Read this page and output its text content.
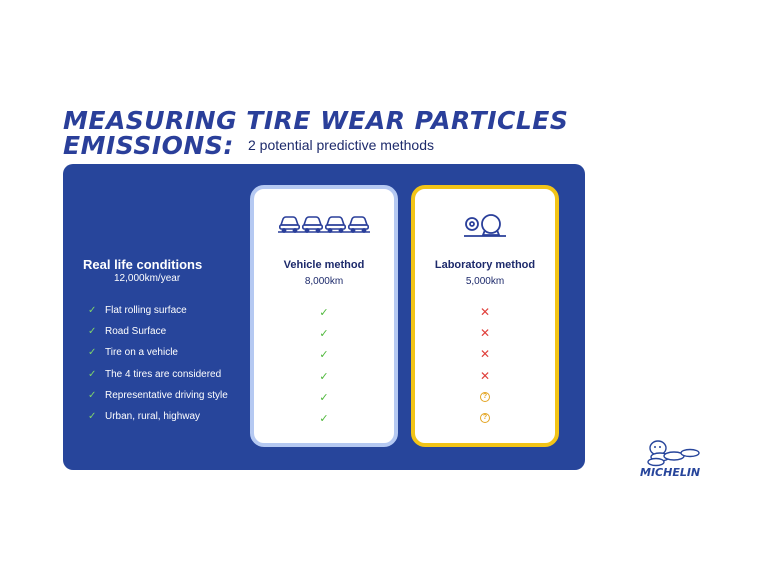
MEASURING TIRE WEAR PARTICLES
EMISSIONS: 2 potential predictive methods
Real life conditions
12,000km/year
✓ Flat rolling surface
✓ Road Surface
✓ Tire on a vehicle
✓ The 4 tires are considered
✓ Representative driving style
✓ Urban, rural, highway
Vehicle method
8,000km
✓
✓
✓
✓
✓
✓
Laboratory method
5,000km
✕
✕
✕
✕
?
?
MICHELIN
